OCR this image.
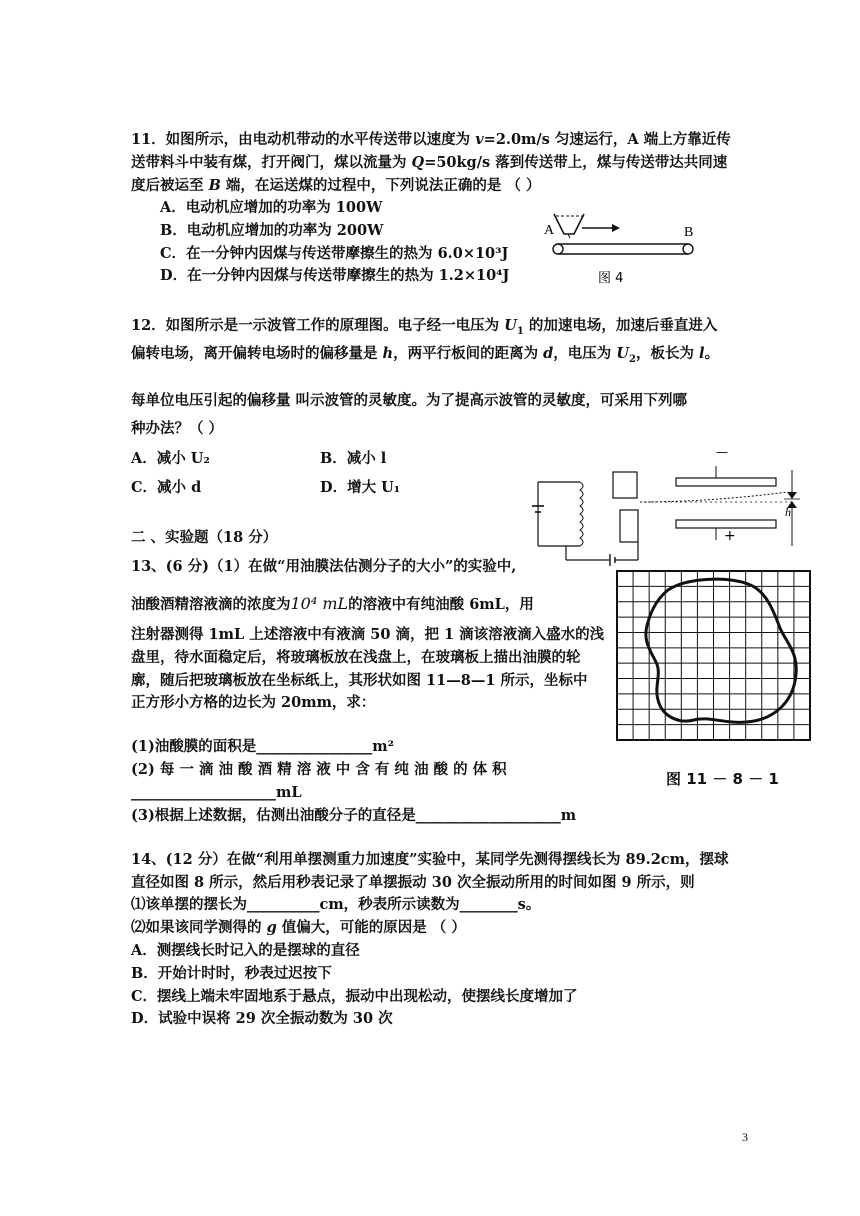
11．如图所示，由电动机带动的水平传送带以速度为 v=2.0m/s 匀速运行，A 端上方靠近传
送带料斗中装有煤，打开阀门，煤以流量为 Q=50kg/s 落到传送带上，煤与传送带达共同速
度后被运至 B 端，在运送煤的过程中，下列说法正确的是 （ ）
A．电动机应增加的功率为 100W
B．电动机应增加的功率为 200W
C．在一分钟内因煤与传送带摩擦生的热为 6.0×10³J
D．在一分钟内因煤与传送带摩擦生的热为 1.2×10⁴J
A	B
图 4
12．如图所示是一示波管工作的原理图。电子经一电压为 $U_1$ 的加速电场，加速后垂直进入
偏转电场，离开偏转电场时的偏移量是 h，两平行板间的距离为 d，电压为 $U_2$，板长为 l。
每单位电压引起的偏移量 叫示波管的灵敏度。为了提高示波管的灵敏度，可采用下列哪
种办法？（ ）
A．减小 U₂	B．减小 l
C．减小 d	D．增大 U₁
—
+
h
二 、实验题（18 分）
13、(6 分)（1）在做“用油膜法估测分子的大小”的实验中,
油酸酒精溶液滴的浓度为10⁴ mL的溶液中有纯油酸 6mL，用
注射器测得 1mL 上述溶液中有液滴 50 滴，把 1 滴该溶液滴入盛水的浅
盘里，待水面稳定后，将玻璃板放在浅盘上，在玻璃板上描出油膜的轮
廓，随后把玻璃板放在坐标纸上，其形状如图 11—8—1 所示，坐标中
正方形小方格的边长为 20mm，求：
(1)油酸膜的面积是________________m²
(2) 每 一 滴 油 酸 酒 精 溶 液 中 含 有 纯 油 酸 的 体 积
____________________mL
(3)根据上述数据，估测出油酸分子的直径是____________________m
图 11 － 8 － 1
14、(12 分）在做“利用单摆测重力加速度”实验中，某同学先测得摆线长为 89.2cm，摆球
直径如图 8 所示，然后用秒表记录了单摆振动 30 次全振动所用的时间如图 9 所示，则
⑴该单摆的摆长为__________cm，秒表所示读数为________s。
⑵如果该同学测得的 g 值偏大，可能的原因是 （ ）
A．测摆线长时记入的是摆球的直径
B．开始计时时，秒表过迟按下
C．摆线上端未牢固地系于悬点，振动中出现松动，使摆线长度增加了
D．试验中误将 29 次全振动数为 30 次
3
